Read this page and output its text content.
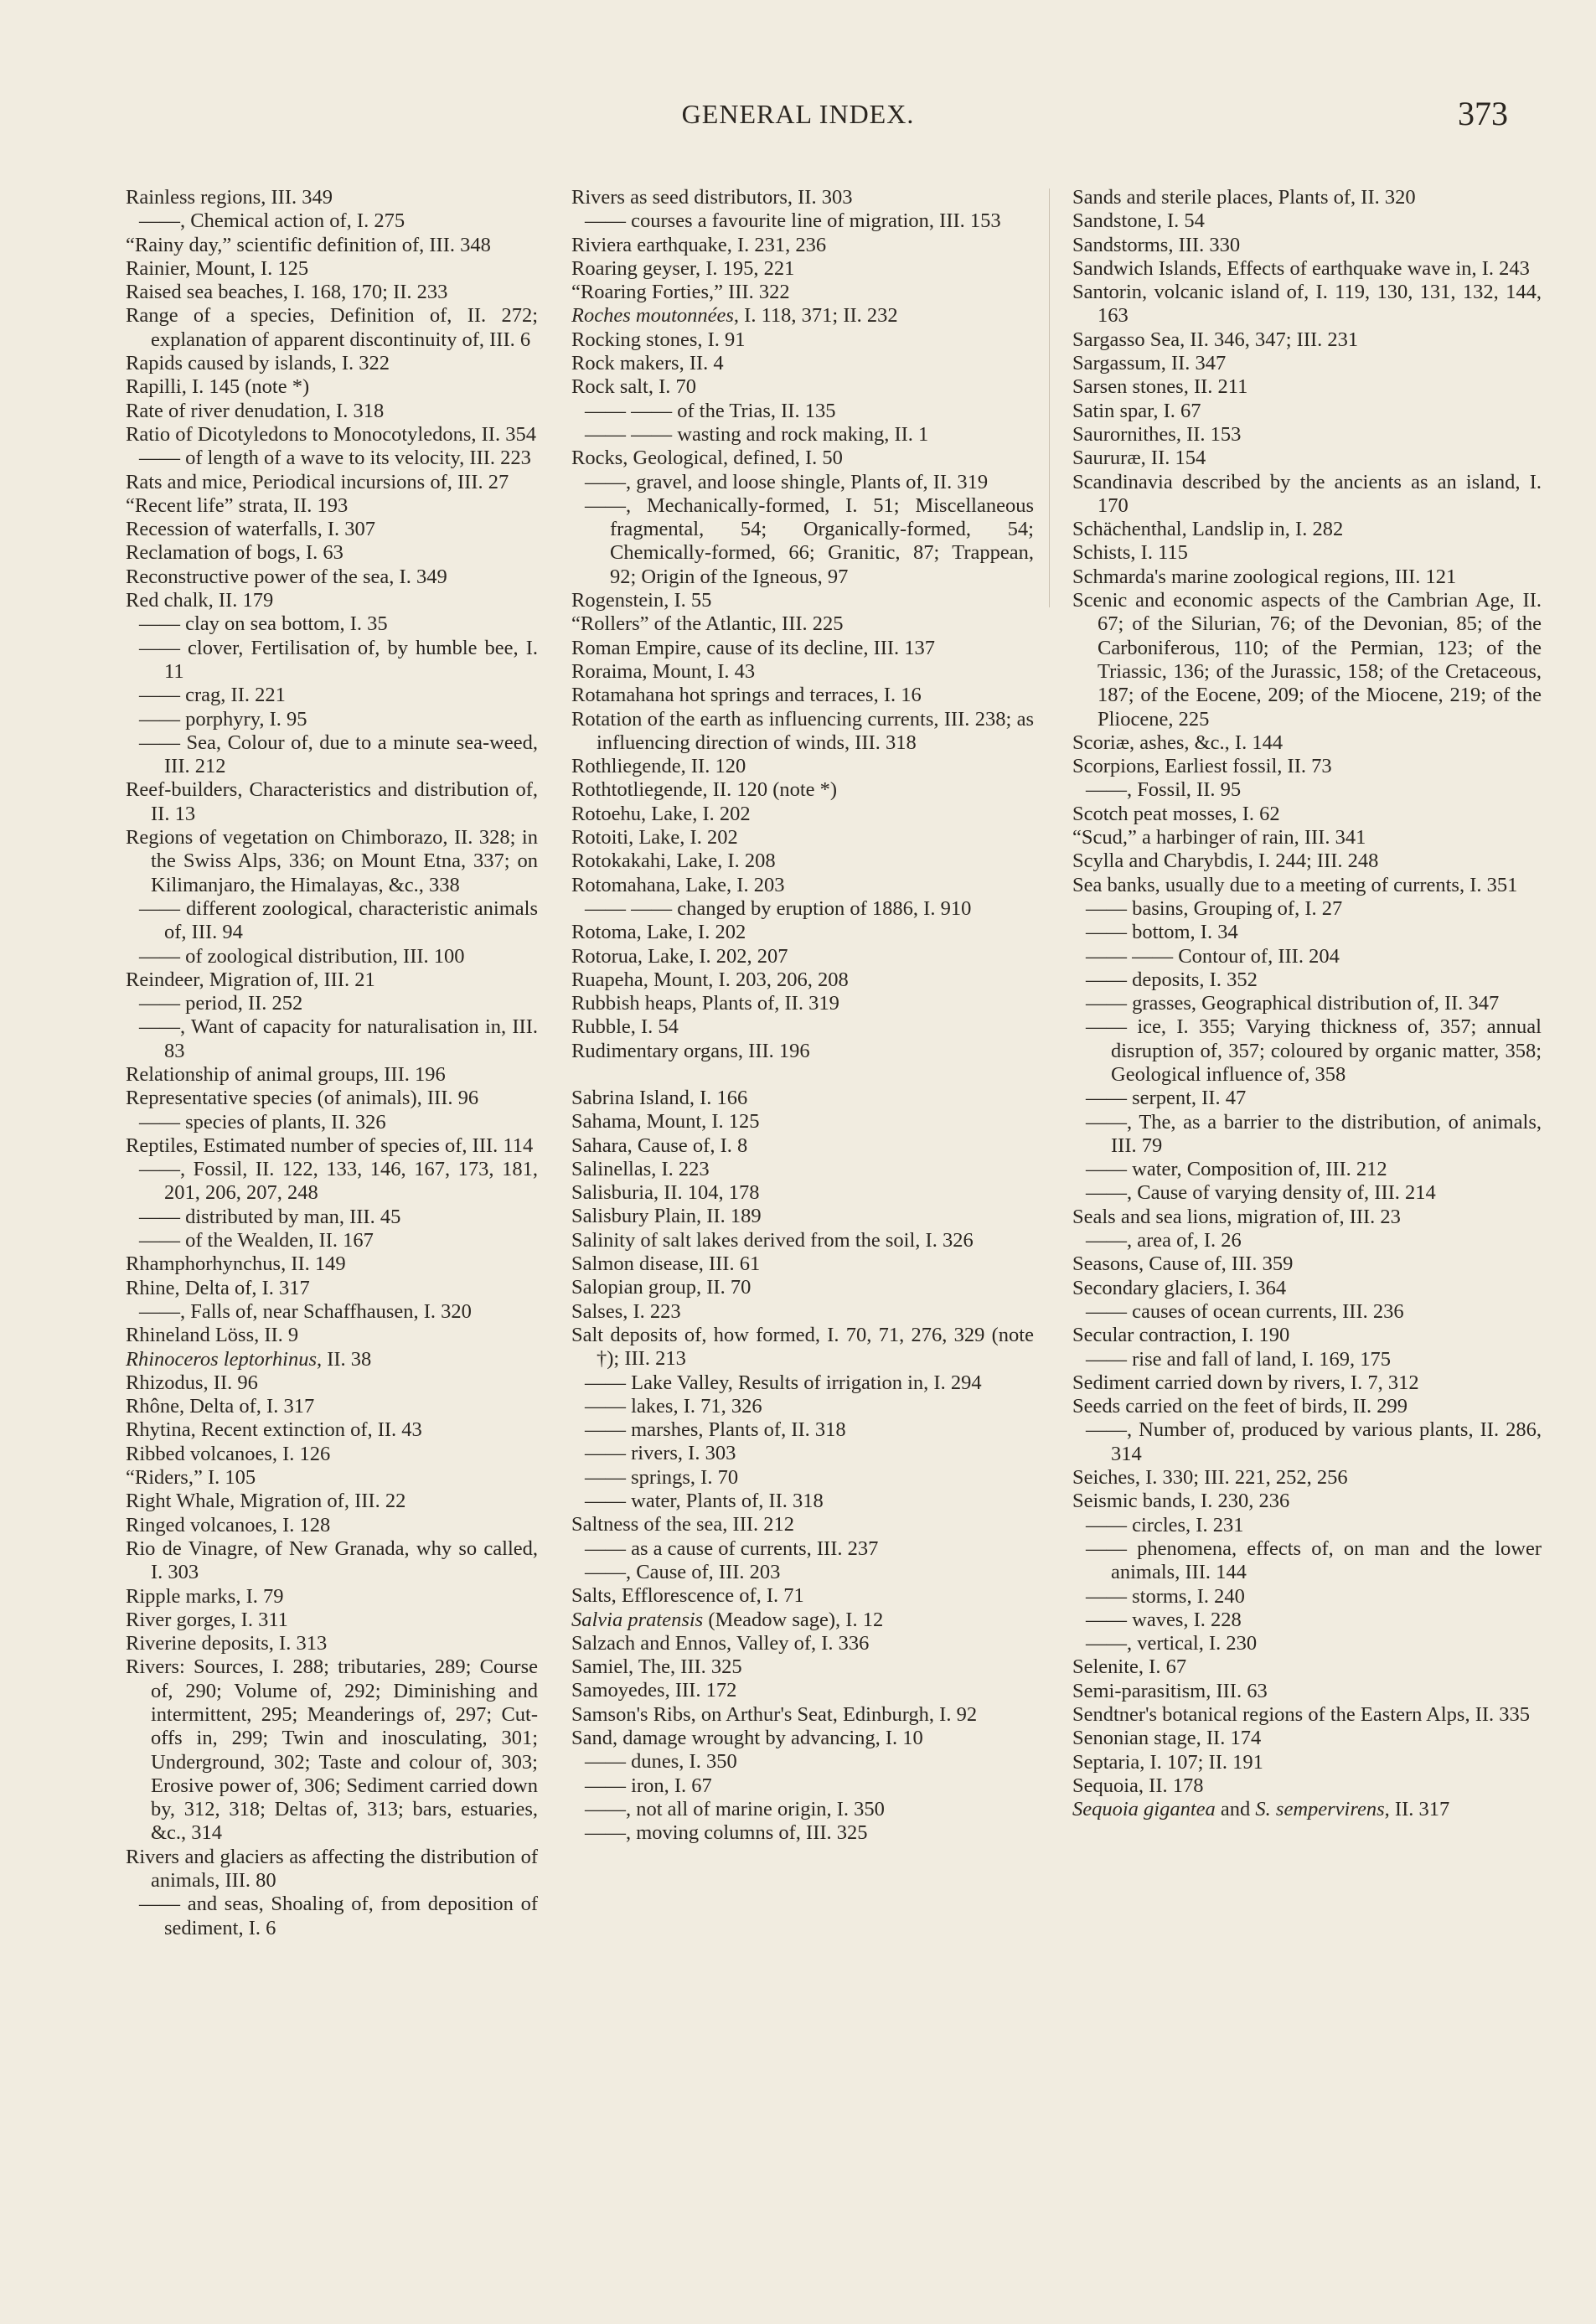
GENERAL INDEX.	373
Rainless regions, III. 349
——, Chemical action of, I. 275
“Rainy day,” scientific definition of, III. 348
Rainier, Mount, I. 125
Raised sea beaches, I. 168, 170; II. 233
Range of a species, Definition of, II. 272; explanation of apparent discontinuity of, III. 6
Rapids caused by islands, I. 322
Rapilli, I. 145 (note *)
Rate of river denudation, I. 318
Ratio of Dicotyledons to Monocotyledons, II. 354
—— of length of a wave to its velocity, III. 223
Rats and mice, Periodical incursions of, III. 27
“Recent life” strata, II. 193
Recession of waterfalls, I. 307
Reclamation of bogs, I. 63
Reconstructive power of the sea, I. 349
Red chalk, II. 179
—— clay on sea bottom, I. 35
—— clover, Fertilisation of, by humble bee, I. 11
—— crag, II. 221
—— porphyry, I. 95
—— Sea, Colour of, due to a minute sea-weed, III. 212
Reef-builders, Characteristics and distribution of, II. 13
Regions of vegetation on Chimborazo, II. 328; in the Swiss Alps, 336; on Mount Etna, 337; on Kilimanjaro, the Himalayas, &c., 338
—— different zoological, characteristic animals of, III. 94
—— of zoological distribution, III. 100
Reindeer, Migration of, III. 21
—— period, II. 252
——, Want of capacity for naturalisation in, III. 83
Relationship of animal groups, III. 196
Representative species (of animals), III. 96
—— species of plants, II. 326
Reptiles, Estimated number of species of, III. 114
——, Fossil, II. 122, 133, 146, 167, 173, 181, 201, 206, 207, 248
—— distributed by man, III. 45
—— of the Wealden, II. 167
Rhamphorhynchus, II. 149
Rhine, Delta of, I. 317
——, Falls of, near Schaffhausen, I. 320
Rhineland Löss, II. 9
Rhinoceros leptorhinus, II. 38
Rhizodus, II. 96
Rhône, Delta of, I. 317
Rhytina, Recent extinction of, II. 43
Ribbed volcanoes, I. 126
“Riders,” I. 105
Right Whale, Migration of, III. 22
Ringed volcanoes, I. 128
Rio de Vinagre, of New Granada, why so called, I. 303
Ripple marks, I. 79
River gorges, I. 311
Riverine deposits, I. 313
Rivers: Sources, I. 288; tributaries, 289; Course of, 290; Volume of, 292; Diminishing and intermittent, 295; Meanderings of, 297; Cut-offs in, 299; Twin and inosculating, 301; Underground, 302; Taste and colour of, 303; Erosive power of, 306; Sediment carried down by, 312, 318; Deltas of, 313; bars, estuaries, &c., 314
Rivers and glaciers as affecting the distribution of animals, III. 80
—— and seas, Shoaling of, from deposition of sediment, I. 6
Rivers as seed distributors, II. 303
—— courses a favourite line of migration, III. 153
Riviera earthquake, I. 231, 236
Roaring geyser, I. 195, 221
“Roaring Forties,” III. 322
Roches moutonnées, I. 118, 371; II. 232
Rocking stones, I. 91
Rock makers, II. 4
Rock salt, I. 70
—— —— of the Trias, II. 135
—— —— wasting and rock making, II. 1
Rocks, Geological, defined, I. 50
——, gravel, and loose shingle, Plants of, II. 319
——, Mechanically-formed, I. 51; Miscellaneous fragmental, 54; Organically-formed, 54; Chemically-formed, 66; Granitic, 87; Trappean, 92; Origin of the Igneous, 97
Rogenstein, I. 55
“Rollers” of the Atlantic, III. 225
Roman Empire, cause of its decline, III. 137
Roraima, Mount, I. 43
Rotamahana hot springs and terraces, I. 16
Rotation of the earth as influencing currents, III. 238; as influencing direction of winds, III. 318
Rothliegende, II. 120
Rothtotliegende, II. 120 (note *)
Rotoehu, Lake, I. 202
Rotoiti, Lake, I. 202
Rotokakahi, Lake, I. 208
Rotomahana, Lake, I. 203
—— —— changed by eruption of 1886, I. 910
Rotoma, Lake, I. 202
Rotorua, Lake, I. 202, 207
Ruapeha, Mount, I. 203, 206, 208
Rubbish heaps, Plants of, II. 319
Rubble, I. 54
Rudimentary organs, III. 196
Sabrina Island, I. 166
Sahama, Mount, I. 125
Sahara, Cause of, I. 8
Salinellas, I. 223
Salisburia, II. 104, 178
Salisbury Plain, II. 189
Salinity of salt lakes derived from the soil, I. 326
Salmon disease, III. 61
Salopian group, II. 70
Salses, I. 223
Salt deposits of, how formed, I. 70, 71, 276, 329 (note †); III. 213
—— Lake Valley, Results of irrigation in, I. 294
—— lakes, I. 71, 326
—— marshes, Plants of, II. 318
—— rivers, I. 303
—— springs, I. 70
—— water, Plants of, II. 318
Saltness of the sea, III. 212
—— as a cause of currents, III. 237
——, Cause of, III. 203
Salts, Efflorescence of, I. 71
Salvia pratensis (Meadow sage), I. 12
Salzach and Ennos, Valley of, I. 336
Samiel, The, III. 325
Samoyedes, III. 172
Samson's Ribs, on Arthur's Seat, Edinburgh, I. 92
Sand, damage wrought by advancing, I. 10
—— dunes, I. 350
—— iron, I. 67
——, not all of marine origin, I. 350
——, moving columns of, III. 325
Sands and sterile places, Plants of, II. 320
Sandstone, I. 54
Sandstorms, III. 330
Sandwich Islands, Effects of earthquake wave in, I. 243
Santorin, volcanic island of, I. 119, 130, 131, 132, 144, 163
Sargasso Sea, II. 346, 347; III. 231
Sargassum, II. 347
Sarsen stones, II. 211
Satin spar, I. 67
Saurornithes, II. 153
Saururæ, II. 154
Scandinavia described by the ancients as an island, I. 170
Schächenthal, Landslip in, I. 282
Schists, I. 115
Schmarda's marine zoological regions, III. 121
Scenic and economic aspects of the Cambrian Age, II. 67; of the Silurian, 76; of the Devonian, 85; of the Carboniferous, 110; of the Permian, 123; of the Triassic, 136; of the Jurassic, 158; of the Cretaceous, 187; of the Eocene, 209; of the Miocene, 219; of the Pliocene, 225
Scoriæ, ashes, &c., I. 144
Scorpions, Earliest fossil, II. 73
——, Fossil, II. 95
Scotch peat mosses, I. 62
“Scud,” a harbinger of rain, III. 341
Scylla and Charybdis, I. 244; III. 248
Sea banks, usually due to a meeting of currents, I. 351
—— basins, Grouping of, I. 27
—— bottom, I. 34
—— —— Contour of, III. 204
—— deposits, I. 352
—— grasses, Geographical distribution of, II. 347
—— ice, I. 355; Varying thickness of, 357; annual disruption of, 357; coloured by organic matter, 358; Geological influence of, 358
—— serpent, II. 47
——, The, as a barrier to the distribution, of animals, III. 79
—— water, Composition of, III. 212
——, Cause of varying density of, III. 214
Seals and sea lions, migration of, III. 23
——, area of, I. 26
Seasons, Cause of, III. 359
Secondary glaciers, I. 364
—— causes of ocean currents, III. 236
Secular contraction, I. 190
—— rise and fall of land, I. 169, 175
Sediment carried down by rivers, I. 7, 312
Seeds carried on the feet of birds, II. 299
——, Number of, produced by various plants, II. 286, 314
Seiches, I. 330; III. 221, 252, 256
Seismic bands, I. 230, 236
—— circles, I. 231
—— phenomena, effects of, on man and the lower animals, III. 144
—— storms, I. 240
—— waves, I. 228
——, vertical, I. 230
Selenite, I. 67
Semi-parasitism, III. 63
Sendtner's botanical regions of the Eastern Alps, II. 335
Senonian stage, II. 174
Septaria, I. 107; II. 191
Sequoia, II. 178
Sequoia gigantea and S. sempervirens, II. 317
